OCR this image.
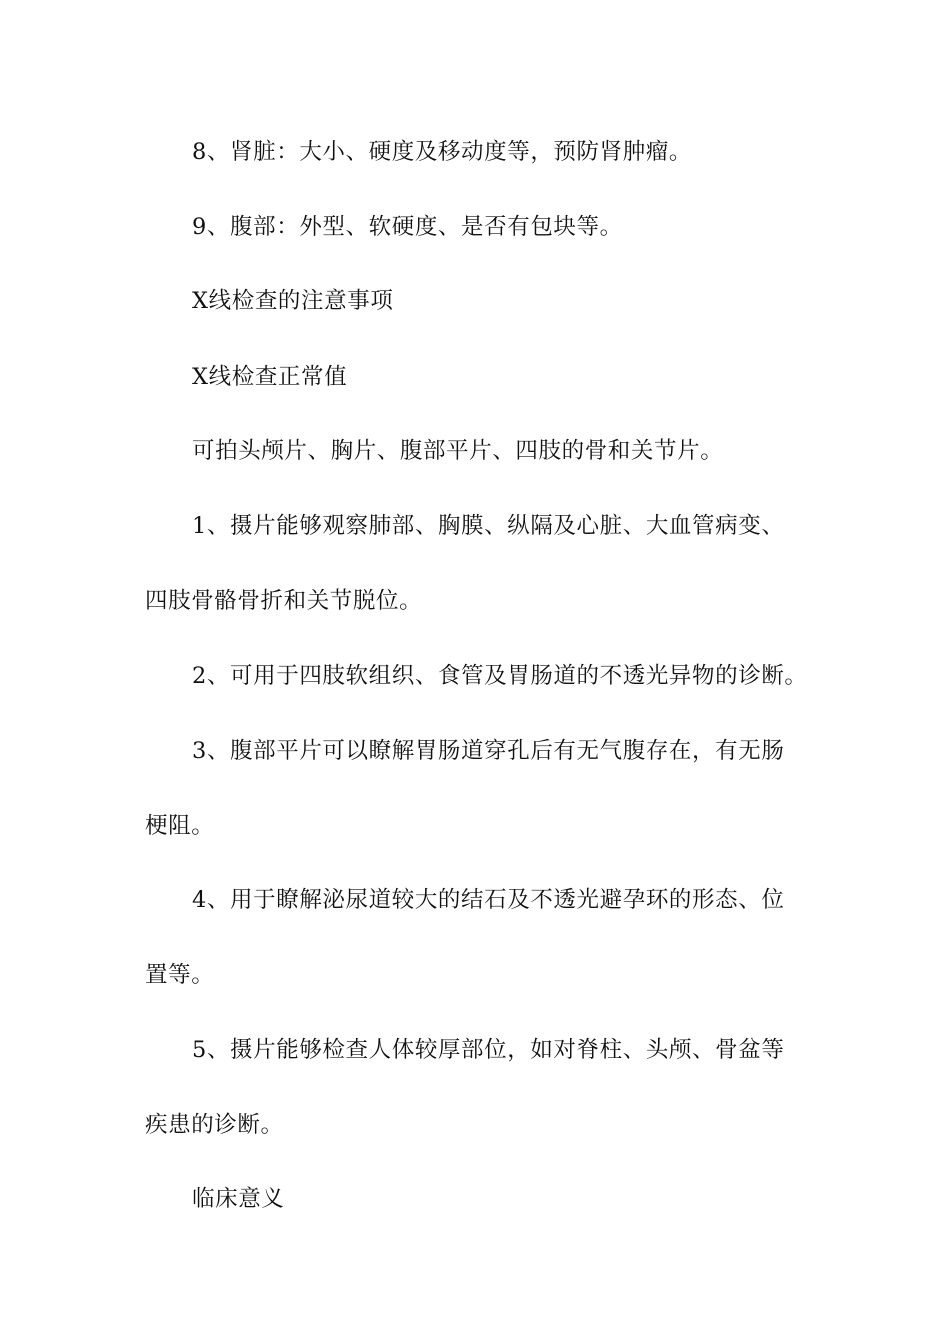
8、肾脏：大小、硬度及移动度等，预防肾肿瘤。
9、腹部：外型、软硬度、是否有包块等。
X线检查的注意事项
X线检查正常值
可拍头颅片、胸片、腹部平片、四肢的骨和关节片。
1、摄片能够观察肺部、胸膜、纵隔及心脏、大血管病变、
四肢骨骼骨折和关节脱位。
2、可用于四肢软组织、食管及胃肠道的不透光异物的诊断。
3、腹部平片可以瞭解胃肠道穿孔后有无气腹存在，有无肠
梗阻。
4、用于瞭解泌尿道较大的结石及不透光避孕环的形态、位
置等。
5、摄片能够检查人体较厚部位，如对脊柱、头颅、骨盆等
疾患的诊断。
临床意义
